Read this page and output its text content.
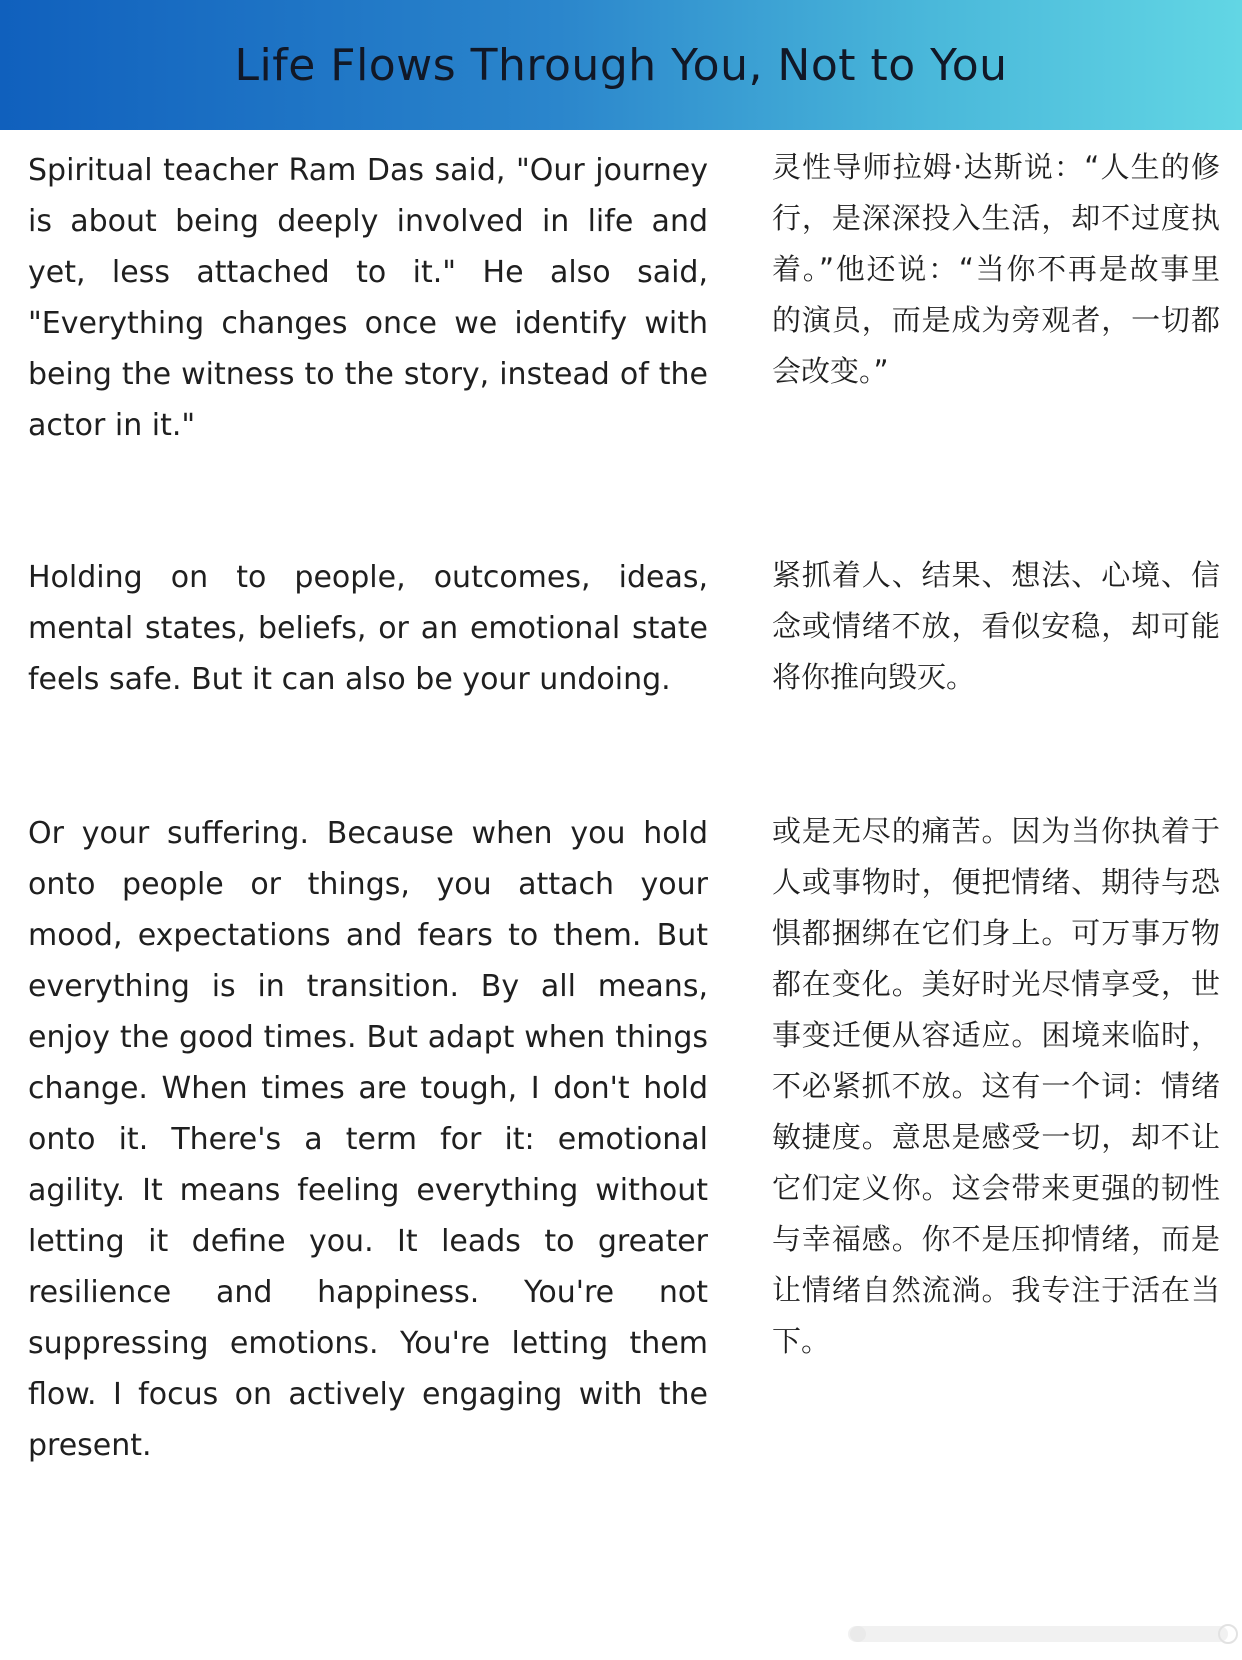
Life Flows Through You, Not to You

Spiritual teacher Ram Das said, "Our journey is about being deeply involved in life and yet, less attached to it." He also said, "Everything changes once we identify with being the witness to the story, instead of the actor in it."

灵性导师拉姆·达斯说：“人生的修行，是深深投入生活，却不过度执着。”他还说：“当你不再是故事里的演员，而是成为旁观者，一切都会改变。”

Holding on to people, outcomes, ideas, mental states, beliefs, or an emotional state feels safe. But it can also be your undoing.

紧抓着人、结果、想法、心境、信念或情绪不放，看似安稳，却可能将你推向毁灭。

Or your suffering. Because when you hold onto people or things, you attach your mood, expectations and fears to them. But everything is in transition. By all means, enjoy the good times. But adapt when things change. When times are tough, I don't hold onto it. There's a term for it: emotional agility. It means feeling everything without letting it define you. It leads to greater resilience and happiness. You're not suppressing emotions. You're letting them flow. I focus on actively engaging with the present.

或是无尽的痛苦。因为当你执着于人或事物时，便把情绪、期待与恐惧都捆绑在它们身上。可万事万物都在变化。美好时光尽情享受，世事变迁便从容适应。困境来临时，不必紧抓不放。这有一个词：情绪敏捷度。意思是感受一切，却不让它们定义你。这会带来更强的韧性与幸福感。你不是压抑情绪，而是让情绪自然流淌。我专注于活在当下。
